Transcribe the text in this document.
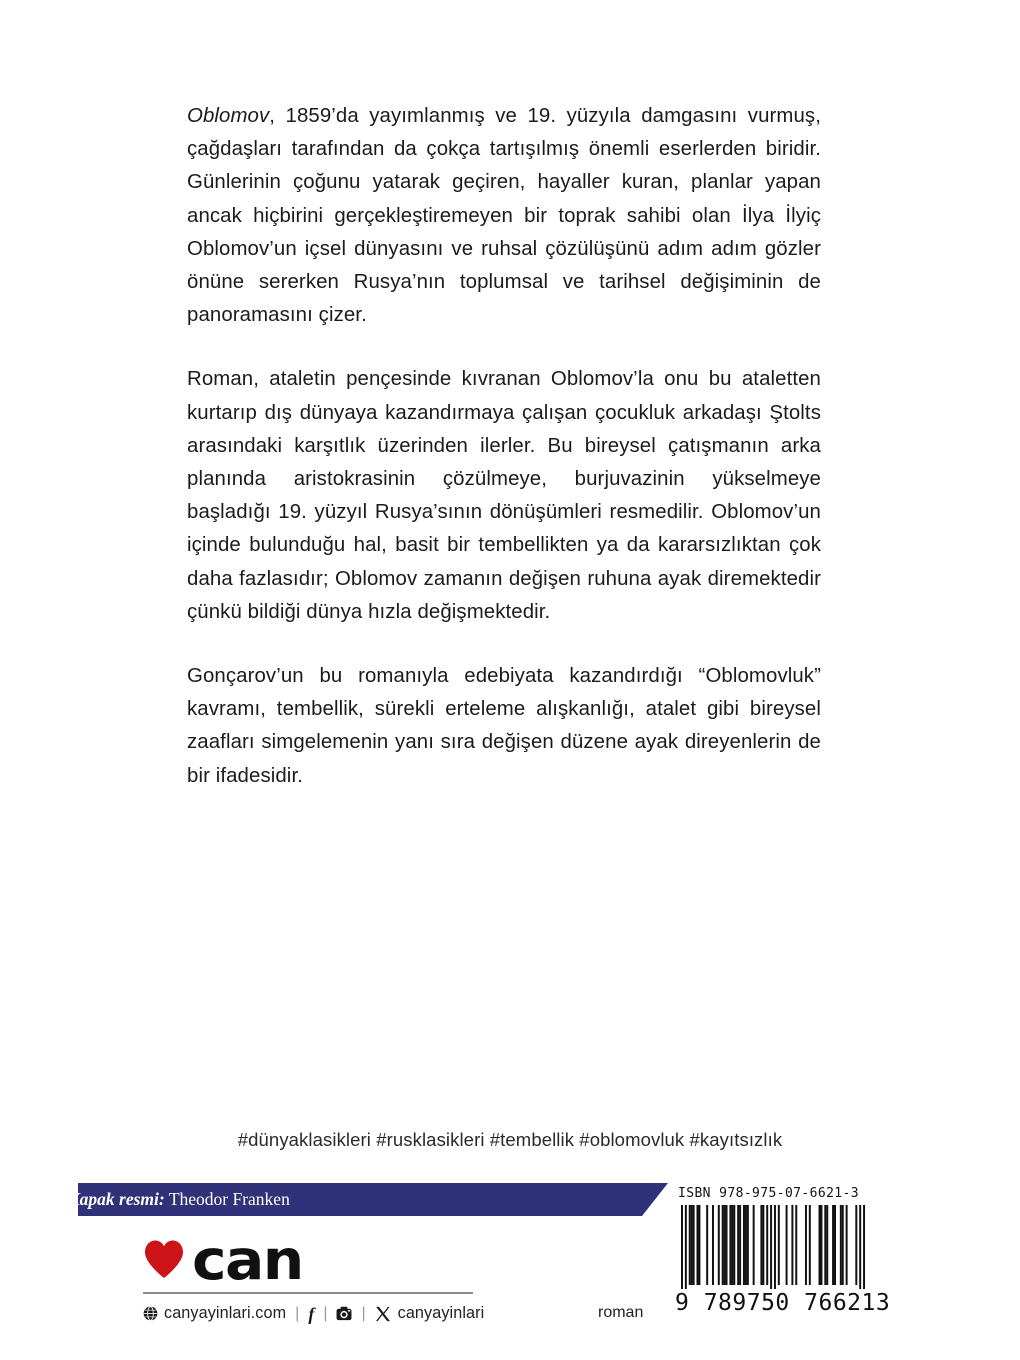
Oblomov, 1859’da yayımlanmış ve 19. yüzyıla damgasını vurmuş, çağdaşları tarafından da çokça tartışılmış önemli eserlerden biridir. Günlerinin çoğunu yatarak geçiren, hayaller kuran, planlar yapan ancak hiçbirini gerçekleştiremeyen bir toprak sahibi olan İlya İlyiç Oblomov’un içsel dünyasını ve ruhsal çözülüşünü adım adım gözler önüne sererken Rusya’nın toplumsal ve tarihsel değişiminin de panoramasını çizer.

Roman, ataletin pençesinde kıvranan Oblomov’la onu bu ataletten kurtarıp dış dünyaya kazandırmaya çalışan çocukluk arkadaşı Ştolts arasındaki karşıtlık üzerinden ilerler. Bu bireysel çatışmanın arka planında aristokrasinin çözülmeye, burjuvazinin yükselmeye başladığı 19. yüzyıl Rusya’sının dönüşümleri resmedilir. Oblomov’un içinde bulunduğu hal, basit bir tembellikten ya da kararsızlıktan çok daha fazlasıdır; Oblomov zamanın değişen ruhuna ayak diremektedir çünkü bildiği dünya hızla değişmektedir.

Gonçarov’un bu romanıyla edebiyata kazandırdığı “Oblomovluk” kavramı, tembellik, sürekli erteleme alışkanlığı, atalet gibi bireysel zaafları simgelemenin yanı sıra değişen düzene ayak direyenlerin de bir ifadesidir.

#dünyaklasikleri #rusklasikleri #tembellik #oblomovluk #kayıtsızlık
Kapak resmi: Theodor Franken
can
canyayinlari.com | f | | canyayinlari	roman
ISBN 978-975-07-6621-3
9 789750 766213
